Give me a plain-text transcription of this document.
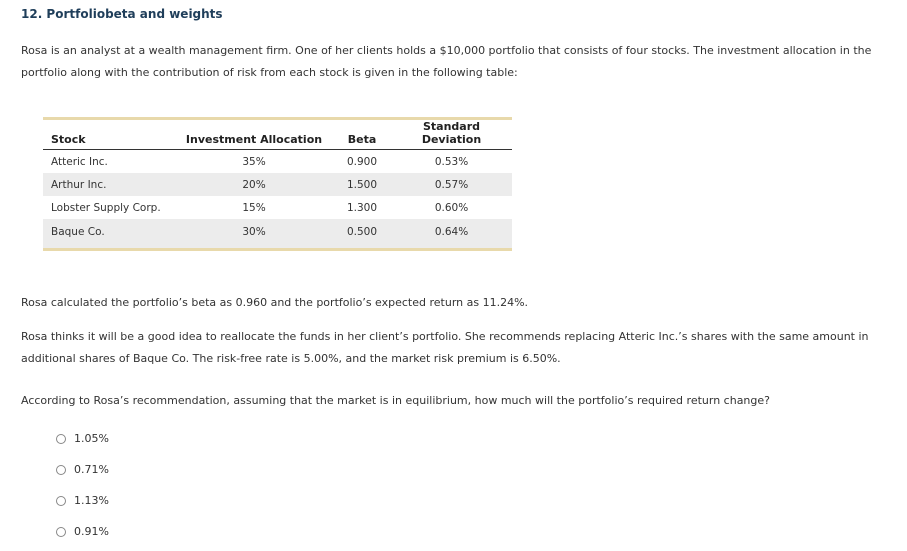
12. Portfoliobeta and weights
Rosa is an analyst at a wealth management firm. One of her clients holds a $10,000 portfolio that consists of four stocks. The investment allocation in the portfolio along with the contribution of risk from each stock is given in the following table:
Stock	Investment Allocation	Beta	Standard Deviation
Atteric Inc.	35%	0.900	0.53%
Arthur Inc.	20%	1.500	0.57%
Lobster Supply Corp.	15%	1.300	0.60%
Baque Co.	30%	0.500	0.64%
Rosa calculated the portfolio’s beta as 0.960 and the portfolio’s expected return as 11.24%.
Rosa thinks it will be a good idea to reallocate the funds in her client’s portfolio. She recommends replacing Atteric Inc.’s shares with the same amount in additional shares of Baque Co. The risk-free rate is 5.00%, and the market risk premium is 6.50%.
According to Rosa’s recommendation, assuming that the market is in equilibrium, how much will the portfolio’s required return change?
1.05%
0.71%
1.13%
0.91%
